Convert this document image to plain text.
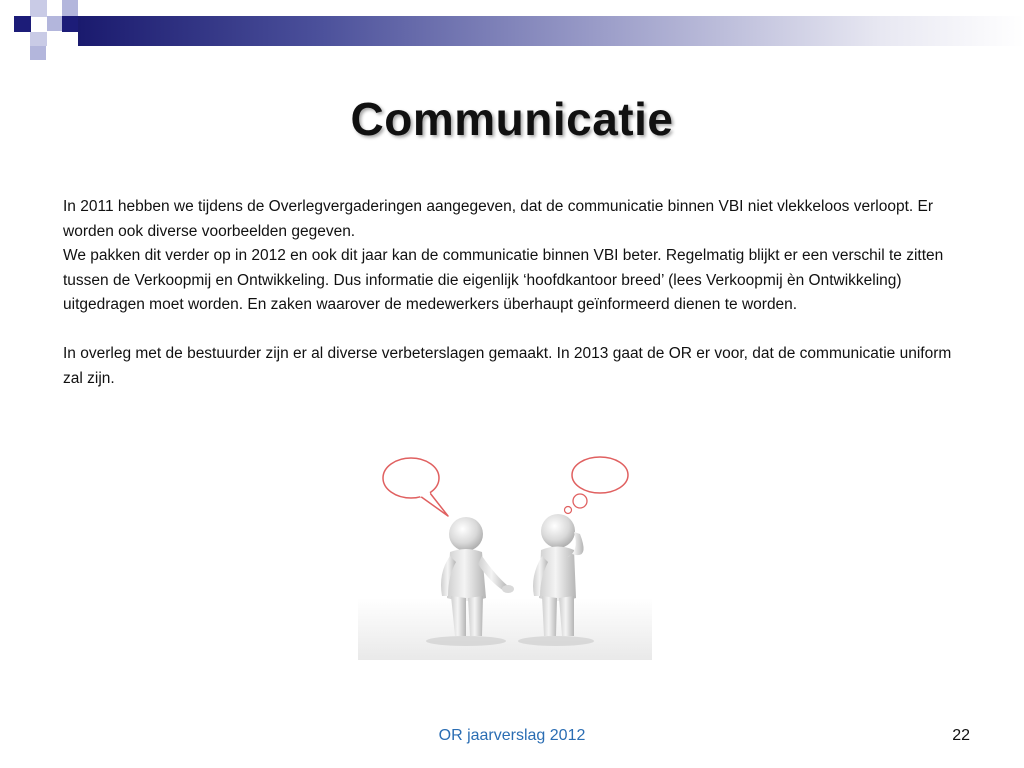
Communicatie

In 2011 hebben we tijdens de Overlegvergaderingen aangegeven, dat de communicatie binnen VBI niet vlekkeloos verloopt. Er worden ook diverse voorbeelden gegeven.

We pakken dit verder op in 2012 en ook dit jaar kan de communicatie binnen VBI beter. Regelmatig blijkt er een verschil te zitten tussen de Verkoopmij en Ontwikkeling. Dus informatie die eigenlijk ‘hoofdkantoor breed’ (lees Verkoopmij èn Ontwikkeling) uitgedragen moet worden. En zaken waarover de medewerkers überhaupt geïnformeerd dienen te worden.

In overleg met de bestuurder zijn er al diverse verbeterslagen gemaakt. In 2013 gaat de OR er voor, dat de communicatie uniform zal zijn.

OR jaarverslag 2012	22
